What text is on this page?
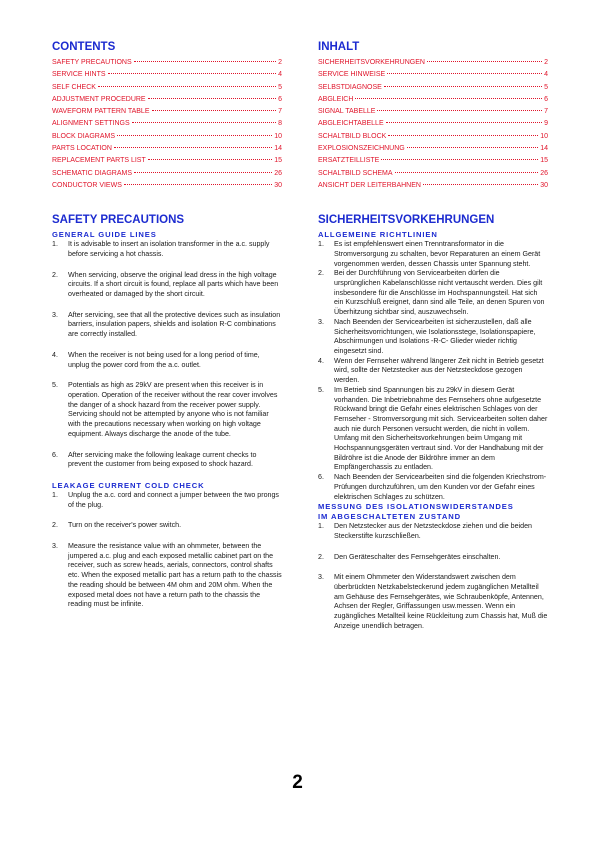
CONTENTS
SAFETY PRECAUTIONS	2
SERVICE HINTS	4
SELF CHECK	5
ADJUSTMENT PROCEDURE	6
WAVEFORM PATTERN TABLE	7
ALIGNMENT SETTINGS	8
BLOCK DIAGRAMS	10
PARTS LOCATION	14
REPLACEMENT PARTS LIST	15
SCHEMATIC DIAGRAMS	26
CONDUCTOR VIEWS	30
SAFETY PRECAUTIONS
GENERAL GUIDE LINES
1.	It is advisable to insert an isolation transformer in the a.c. supply before servicing a hot chassis.
2.	When servicing, observe the original lead dress in the high voltage circuits. If a short circuit is found, replace all parts which have been overheated or damaged by the short circuit.
3.	After servicing, see that all the protective devices such as insulation barriers, insulation papers, shields and isolation R-C combinations are correctly installed.
4.	When the receiver is not being used for a long period of time, unplug the power cord from the a.c. outlet.
5.	Potentials as high as 29kV are present when this receiver is in operation. Operation of the receiver without the rear cover involves the danger of a shock hazard from the receiver power supply. Servicing should not be attempted by anyone who is not familiar with the precautions necessary when working on high voltage equipment. Always discharge the anode of the tube.
6.	After servicing make the following leakage current checks to prevent the customer from being exposed to shock hazard.
LEAKAGE CURRENT COLD CHECK
1.	Unplug the a.c. cord and connect a jumper between the two prongs of the plug.
2.	Turn on the receiver's power switch.
3.	Measure the resistance value with an ohmmeter, between the jumpered a.c. plug and each exposed metallic cabinet part on the receiver, such as screw heads, aerials, connectors, control shafts etc. When the exposed metallic part has a return path to the chassis the reading should be between 4M ohm and 20M ohm. When the exposed metal does not have a return path to the chassis the reading must be infinite.
INHALT
SICHERHEITSVORKEHRUNGEN	2
SERVICE HINWEISE	4
SELBSTDIAGNOSE	5
ABGLEICH	6
SIGNAL TABELLE	7
ABGLEICHTABELLE	9
SCHALTBILD BLOCK	10
EXPLOSIONSZEICHNUNG	14
ERSATZTEILLISTE	15
SCHALTBILD SCHEMA	26
ANSICHT DER LEITERBAHNEN	30
SICHERHEITSVORKEHRUNGEN
ALLGEMEINE RICHTLINIEN
1.	Es ist empfehlenswert einen Trenntransformator in die Stromversorgung zu schalten, bevor Reparaturen an einem Gerät vorgenommen werden, dessen Chassis unter Spannung steht.
2.	Bei der Durchführung von Servicearbeiten dürfen die ursprünglichen Kabelanschlüsse nicht vertauscht werden. Dies gilt insbesondere für die Anschlüsse im Hochspannungsteil. Hat sich ein Kurzschluß ereignet, dann sind alle Teile, an denen Spuren von Überhitzung sichtbar sind, auszuwechseln.
3.	Nach Beenden der Servicearbeiten ist sicherzustellen, daß alle Sicherheitsvorrichtungen, wie Isolationsstege, Isolationspapiere, Abschirmungen und Isolations -R-C- Glieder wieder richtig eingesetzt sind.
4.	Wenn der Fernseher während längerer Zeit nicht in Betrieb gesetzt wird, sollte der Netzstecker aus der Netzsteckdose gezogen werden.
5.	Im Betrieb sind Spannungen bis zu 29kV in diesem Gerät vorhanden. Die Inbetriebnahme des Fernsehers ohne aufgesetzte Rückwand bringt die Gefahr eines elektrischen Schlages von der Fernseher - Stromversorgung mit sich. Servicearbeiten solten daher auch nie durch Personen versucht werden, die nicht in vollem. Umfang mit den Sicherheitsvorkehrungen beim Umgang mit Hochspannungsgeräten vertraut sind. Vor der Handhabung mit der Bildröhre ist die Anode der Bildröhre immer an dem Empfängerchassis zu entladen.
6.	Nach Beenden der Servicearbeiten sind die folgenden Kriechstrom-Prüfungen durchzuführen, um den Kunden vor der Gefahr eines elektrischen Schlages zu schützen.
MESSUNG DES ISOLATIONSWIDERSTANDES
IM ABGESCHALTETEN ZUSTAND
1.	Den Netzstecker aus der Netzsteckdose ziehen und die beiden Steckerstifte kurzschließen.
2.	Den Geräteschalter des Fernsehgerätes einschalten.
3.	Mit einem Ohmmeter den Widerstandswert zwischen dem überbrückten Netzkabelsteckerund jedem zugänglichen Metallteil am Gehäuse des Fernsehgerätes, wie Schraubenköpfe, Antennen, Achsen der Regler, Griffassungen usw.messen. Wenn ein zugängliches Metallteil keine Rückleitung zum Chassis hat, Muß die Anzeige unendlich betragen.
2
